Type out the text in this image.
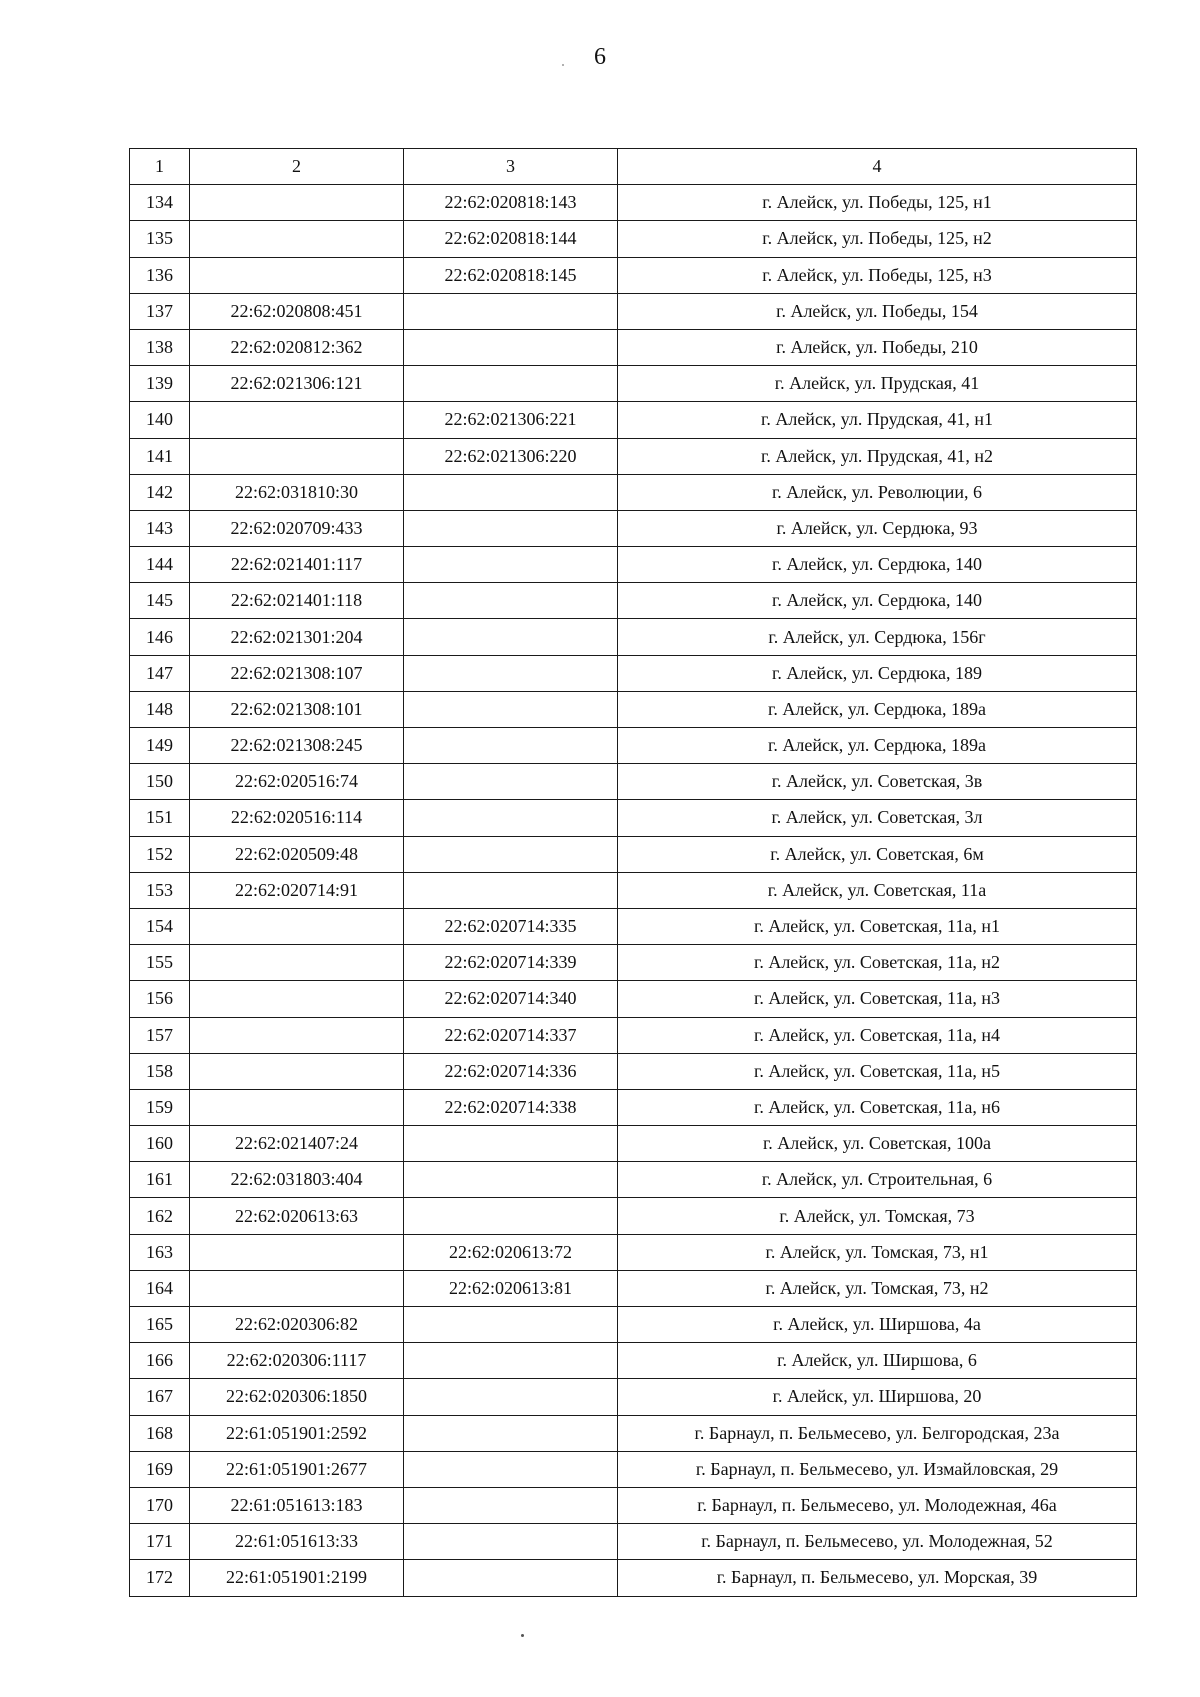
6
1	2	3	4
134		22:62:020818:143	г. Алейск, ул. Победы, 125, н1
135		22:62:020818:144	г. Алейск, ул. Победы, 125, н2
136		22:62:020818:145	г. Алейск, ул. Победы, 125, н3
137	22:62:020808:451		г. Алейск, ул. Победы, 154
138	22:62:020812:362		г. Алейск, ул. Победы, 210
139	22:62:021306:121		г. Алейск, ул. Прудская, 41
140		22:62:021306:221	г. Алейск, ул. Прудская, 41, н1
141		22:62:021306:220	г. Алейск, ул. Прудская, 41, н2
142	22:62:031810:30		г. Алейск, ул. Революции, 6
143	22:62:020709:433		г. Алейск, ул. Сердюка, 93
144	22:62:021401:117		г. Алейск, ул. Сердюка, 140
145	22:62:021401:118		г. Алейск, ул. Сердюка, 140
146	22:62:021301:204		г. Алейск, ул. Сердюка, 156г
147	22:62:021308:107		г. Алейск, ул. Сердюка, 189
148	22:62:021308:101		г. Алейск, ул. Сердюка, 189а
149	22:62:021308:245		г. Алейск, ул. Сердюка, 189а
150	22:62:020516:74		г. Алейск, ул. Советская, 3в
151	22:62:020516:114		г. Алейск, ул. Советская, 3л
152	22:62:020509:48		г. Алейск, ул. Советская, 6м
153	22:62:020714:91		г. Алейск, ул. Советская, 11а
154		22:62:020714:335	г. Алейск, ул. Советская, 11а, н1
155		22:62:020714:339	г. Алейск, ул. Советская, 11а, н2
156		22:62:020714:340	г. Алейск, ул. Советская, 11а, н3
157		22:62:020714:337	г. Алейск, ул. Советская, 11а, н4
158		22:62:020714:336	г. Алейск, ул. Советская, 11а, н5
159		22:62:020714:338	г. Алейск, ул. Советская, 11а, н6
160	22:62:021407:24		г. Алейск, ул. Советская, 100а
161	22:62:031803:404		г. Алейск, ул. Строительная, 6
162	22:62:020613:63		г. Алейск, ул. Томская, 73
163		22:62:020613:72	г. Алейск, ул. Томская, 73, н1
164		22:62:020613:81	г. Алейск, ул. Томская, 73, н2
165	22:62:020306:82		г. Алейск, ул. Ширшова, 4а
166	22:62:020306:1117		г. Алейск, ул. Ширшова, 6
167	22:62:020306:1850		г. Алейск, ул. Ширшова, 20
168	22:61:051901:2592		г. Барнаул, п. Бельмесево, ул. Белгородская, 23а
169	22:61:051901:2677		г. Барнаул, п. Бельмесево, ул. Измайловская, 29
170	22:61:051613:183		г. Барнаул, п. Бельмесево, ул. Молодежная, 46а
171	22:61:051613:33		г. Барнаул, п. Бельмесево, ул. Молодежная, 52
172	22:61:051901:2199		г. Барнаул, п. Бельмесево, ул. Морская, 39
